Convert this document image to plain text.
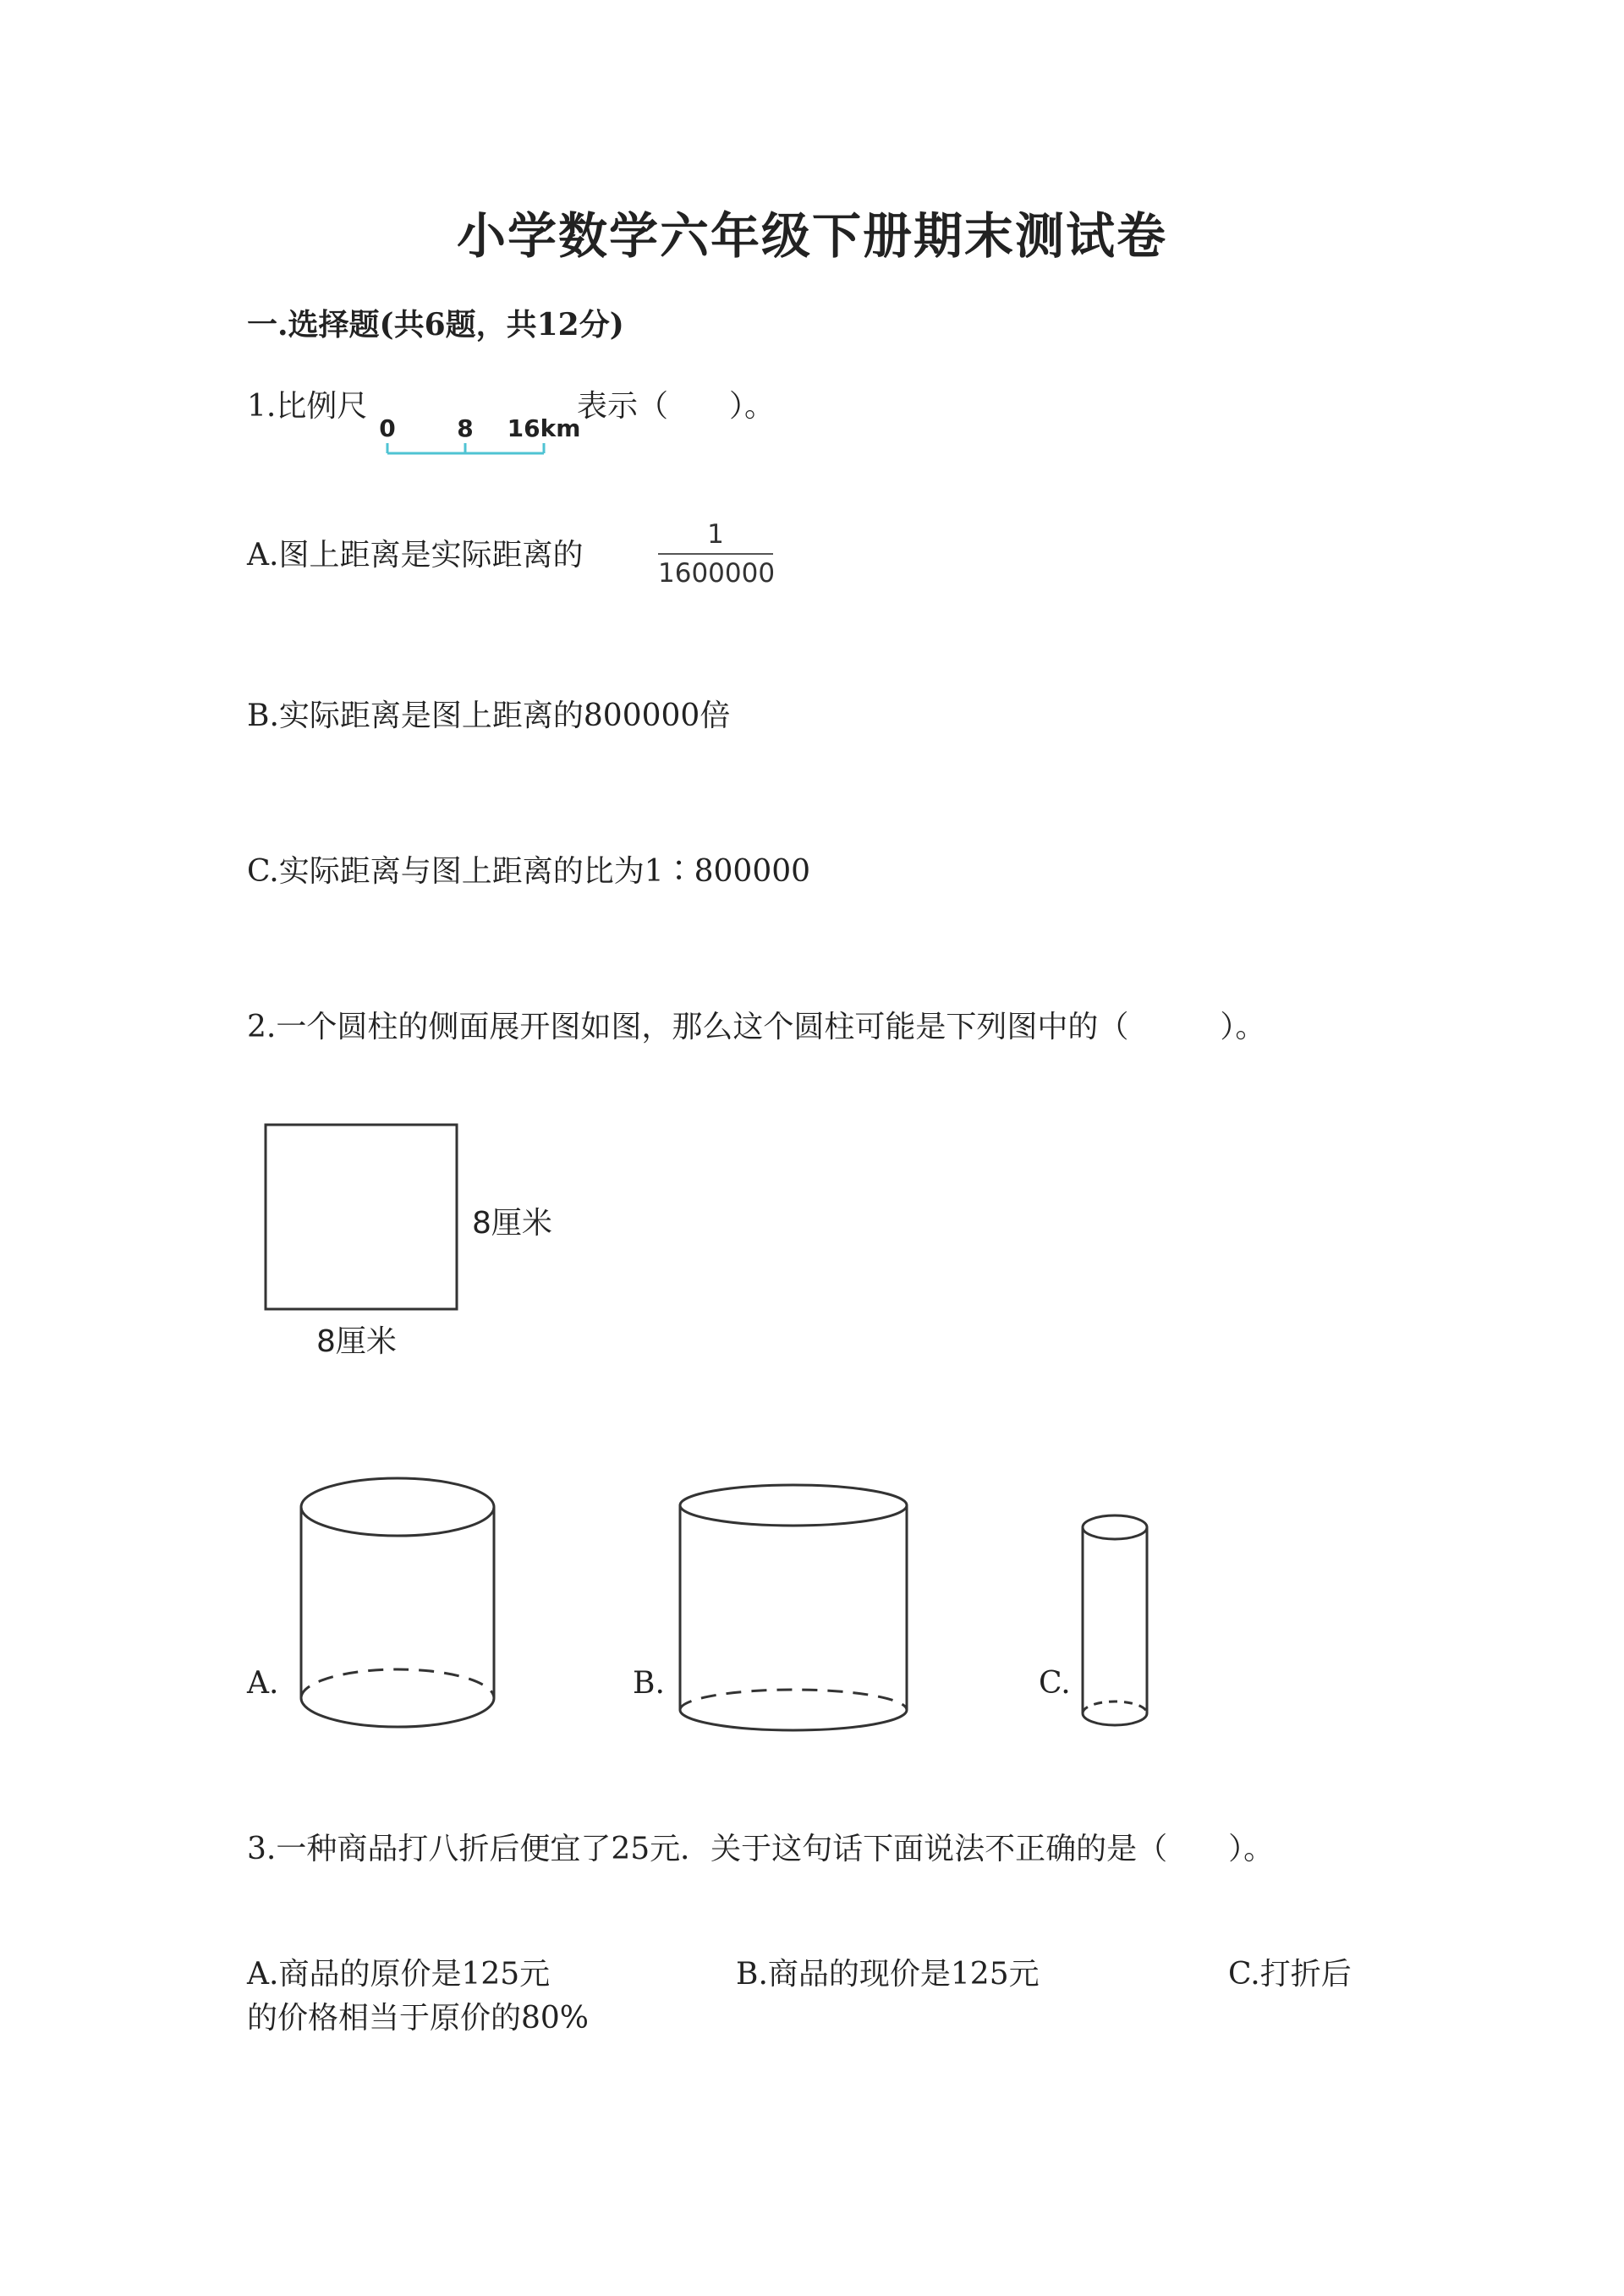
小学数学六年级下册期末测试卷
一.选择题(共6题，共12分)
1.比例尺
0	8 16km
表示（　　）。
A.图上距离是实际距离的
1
1600000
B.实际距离是图上距离的800000倍
C.实际距离与图上距离的比为1∶800000
2.一个圆柱的侧面展开图如图，那么这个圆柱可能是下列图中的（　　　）。
8厘米
8厘米
A.	B.	C.
3.一种商品打八折后便宜了25元．关于这句话下面说法不正确的是（　　）。
A.商品的原价是125元	B.商品的现价是125元	C.打折后
的价格相当于原价的80%
